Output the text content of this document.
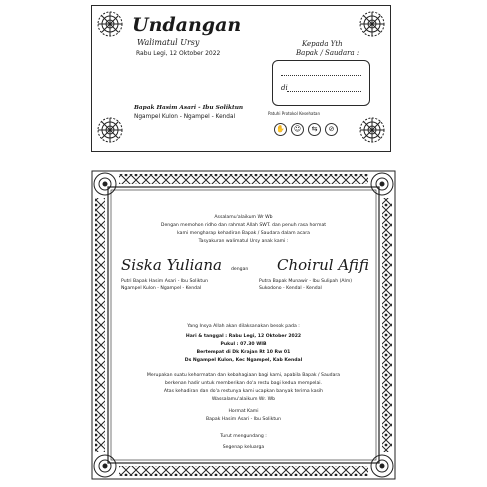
Undangan
Walimatul Ursy
Rabu Legi, 12 Oktober 2022
Bapak Hasim Asari - Ibu Soliktun
Ngampel Kulon - Ngampel - Kendal
Kepada Yth
Bapak / Saudara :
di
Patuhi Protokol Kesehatan
✋	☺	⇆	⊘
Assalamu'alaikum Wr Wb
Dengan memohon ridho dan rahmat Allah SWT. dan penuh rasa hormat
kami mengharap kehadiran Bapak / Saudara dalam acara
Tasyakuran walimatul Ursy anak kami :
Siska Yuliana
Putri Bapak Hasim Asari - Ibu Soliktun
Ngampel Kulon - Ngampel - Kendal
dengan Choirul Afifi
Putra Bapak Munawir - Ibu Sulipah (Alm)
Sukodono - Kendal - Kendal
Yang Insya Allah akan dilaksanakan besok pada :
Hari & tanggal : Rabu Legi, 12 Oktober 2022
Pukul : 07.30 WIB
Bertempat di Dk Krajan Rt 10 Rw 01
Ds Ngampel Kulon, Kec Ngampel, Kab Kendal
Merupakan suatu kehormatan dan kebahagiaan bagi kami, apabila Bapak / Saudara
berkenan hadir untuk memberikan do'a restu bagi kedua mempelai.
Atas kehadiran dan do'a restunya kami ucapkan banyak terima kasih
Wassalamu'alaikum Wr. Wb
Hormat Kami
Bapak Hasim Asari - Ibu Soliktun
Turut mengundang :
Segenap keluarga
